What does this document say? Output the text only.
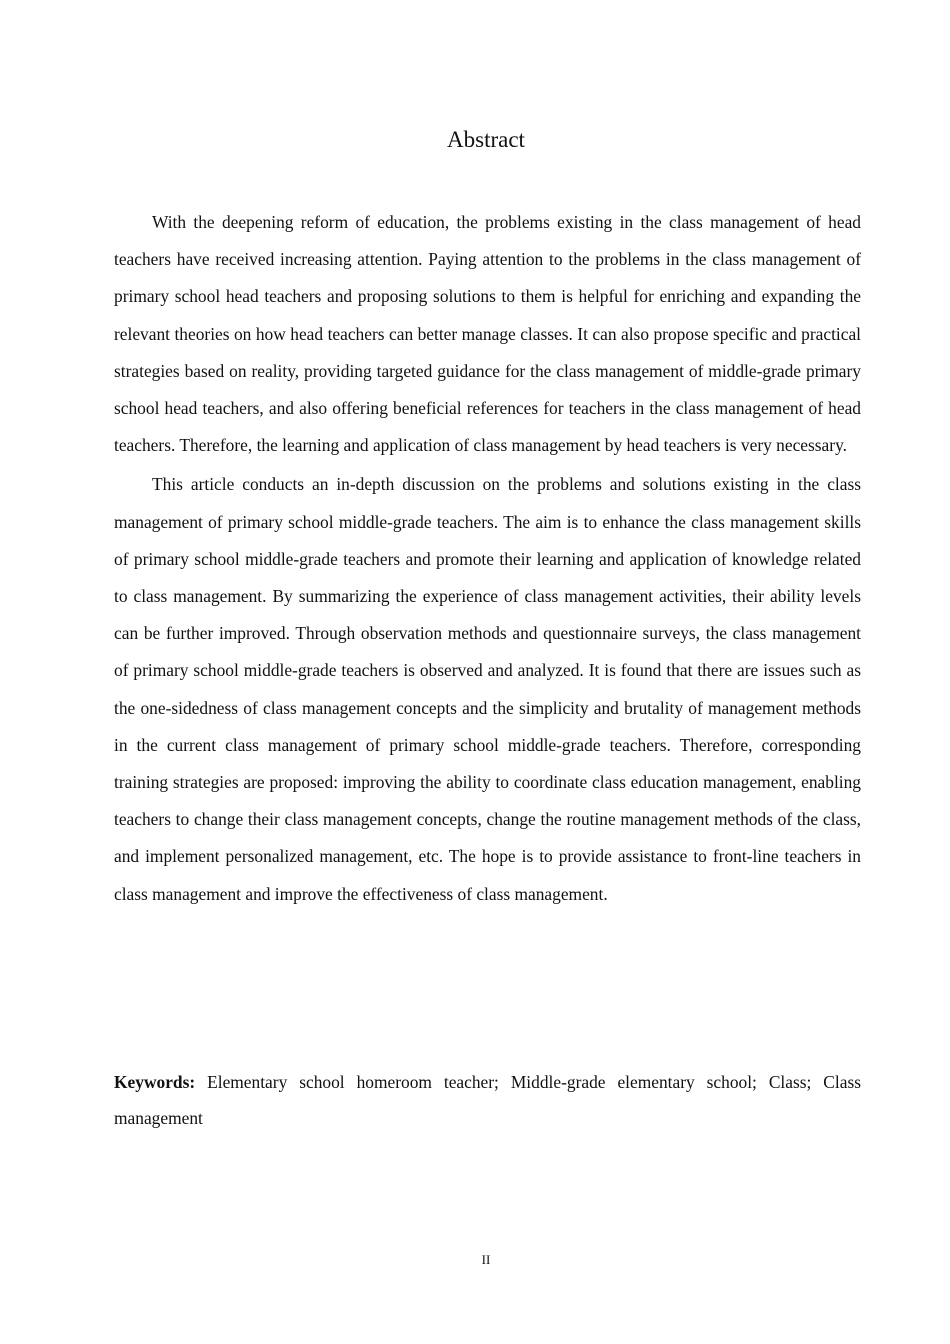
Abstract

With the deepening reform of education, the problems existing in the class management of head teachers have received increasing attention. Paying attention to the problems in the class management of primary school head teachers and proposing solutions to them is helpful for enriching and expanding the relevant theories on how head teachers can better manage classes. It can also propose specific and practical strategies based on reality, providing targeted guidance for the class management of middle-grade primary school head teachers, and also offering beneficial references for teachers in the class management of head teachers. Therefore, the learning and application of class management by head teachers is very necessary.

This article conducts an in-depth discussion on the problems and solutions existing in the class management of primary school middle-grade teachers. The aim is to enhance the class management skills of primary school middle-grade teachers and promote their learning and application of knowledge related to class management. By summarizing the experience of class management activities, their ability levels can be further improved. Through observation methods and questionnaire surveys, the class management of primary school middle-grade teachers is observed and analyzed. It is found that there are issues such as the one-sidedness of class management concepts and the simplicity and brutality of management methods in the current class management of primary school middle-grade teachers. Therefore, corresponding training strategies are proposed: improving the ability to coordinate class education management, enabling teachers to change their class management concepts, change the routine management methods of the class, and implement personalized management, etc. The hope is to provide assistance to front-line teachers in class management and improve the effectiveness of class management.

Keywords: Elementary school homeroom teacher; Middle-grade elementary school; Class; Class management

II
